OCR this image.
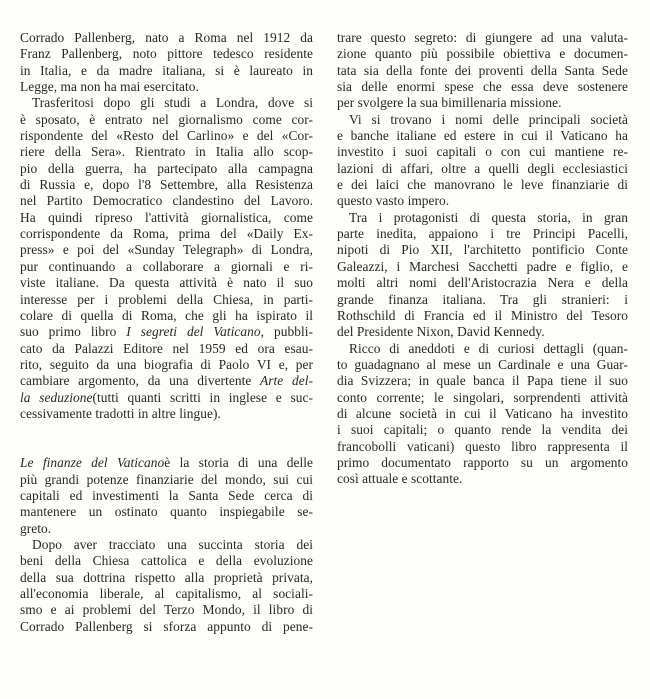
Corrado Pallenberg, nato a Roma nel 1912 da
Franz Pallenberg, noto pittore tedesco residente
in Italia, e da madre italiana, si è laureato in
Legge, ma non ha mai esercitato.
Trasferitosi dopo gli studi a Londra, dove si
è sposato, è entrato nel giornalismo come cor-
rispondente del «Resto del Carlino» e del «Cor-
riere della Sera». Rientrato in Italia allo scop-
pio della guerra, ha partecipato alla campagna
di Russia e, dopo l'8 Settembre, alla Resistenza
nel Partito Democratico clandestino del Lavoro.
Ha quindi ripreso l'attività giornalistica, come
corrispondente da Roma, prima del «Daily Ex-
press» e poi del «Sunday Telegraph» di Londra,
pur continuando a collaborare a giornali e ri-
viste italiane. Da questa attività è nato il suo
interesse per i problemi della Chiesa, in parti-
colare di quella di Roma, che gli ha ispirato il
suo primo libro I segreti del Vaticano, pubbli-
cato da Palazzi Editore nel 1959 ed ora esau-
rito, seguito da una biografia di Paolo VI e, per
cambiare argomento, da una divertente Arte del-
la seduzione(tutti quanti scritti in inglese e suc-
cessivamente tradotti in altre lingue).
Le finanze del Vaticanoè la storia di una delle
più grandi potenze finanziarie del mondo, sui cui
capitali ed investimenti la Santa Sede cerca di
mantenere un ostinato quanto inspiegabile se-
greto.
Dopo aver tracciato una succinta storia dei
beni della Chiesa cattolica e della evoluzione
della sua dottrina rispetto alla proprietà privata,
all'economia liberale, al capitalismo, al sociali-
smo e ai problemi del Terzo Mondo, il libro di
Corrado Pallenberg si sforza appunto di pene-
trare questo segreto: di giungere ad una valuta-
zione quanto più possibile obiettiva e documen-
tata sia della fonte dei proventi della Santa Sede
sia delle enormi spese che essa deve sostenere
per svolgere la sua bimillenaria missione.
Vi si trovano i nomi delle principali società
e banche italiane ed estere in cui il Vaticano ha
investito i suoi capitali o con cui mantiene re-
lazioni di affari, oltre a quelli degli ecclesiastici
e dei laici che manovrano le leve finanziarie di
questo vasto impero.
Tra i protagonisti di questa storia, in gran
parte inedita, appaiono i tre Principi Pacelli,
nipoti di Pio XII, l'architetto pontificio Conte
Galeazzi, i Marchesi Sacchetti padre e figlio, e
molti altri nomi dell'Aristocrazia Nera e della
grande finanza italiana. Tra gli stranieri: i
Rothschild di Francia ed il Ministro del Tesoro
del Presidente Nixon, David Kennedy.
Ricco di aneddoti e di curiosi dettagli (quan-
to guadagnano al mese un Cardinale e una Guar-
dia Svizzera; in quale banca il Papa tiene il suo
conto corrente; le singolari, sorprendenti attività
di alcune società in cui il Vaticano ha investito
i suoi capitali; o quanto rende la vendita dei
francobolli vaticani) questo libro rappresenta il
primo documentato rapporto su un argomento
così attuale e scottante.
